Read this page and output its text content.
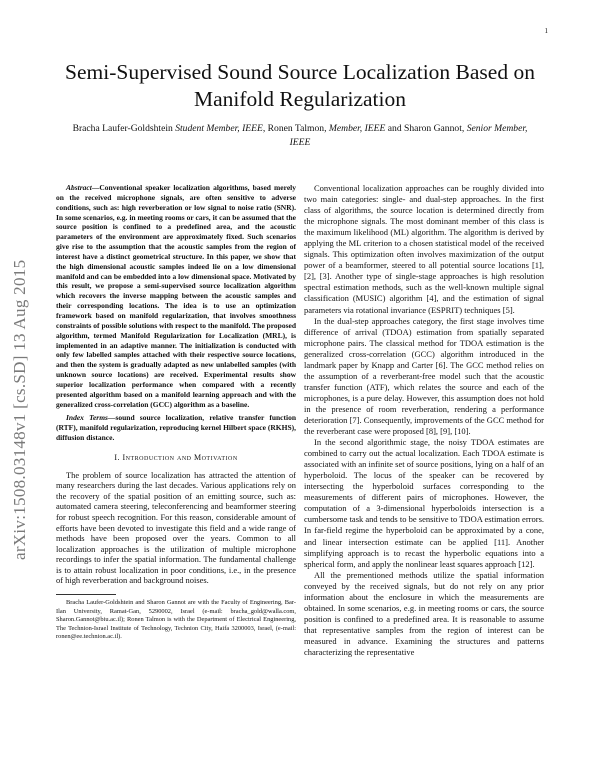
1
arXiv:1508.03148v1 [cs.SD] 13 Aug 2015
Semi-Supervised Sound Source Localization Based on Manifold Regularization
Bracha Laufer-Goldshtein Student Member, IEEE, Ronen Talmon, Member, IEEE and Sharon Gannot, Senior Member, IEEE

Abstract—Conventional speaker localization algorithms, based merely on the received microphone signals, are often sensitive to adverse conditions, such as: high reverberation or low signal to noise ratio (SNR). In some scenarios, e.g. in meeting rooms or cars, it can be assumed that the source position is confined to a predefined area, and the acoustic parameters of the environment are approximately fixed. Such scenarios give rise to the assumption that the acoustic samples from the region of interest have a distinct geometrical structure. In this paper, we show that the high dimensional acoustic samples indeed lie on a low dimensional manifold and can be embedded into a low dimensional space. Motivated by this result, we propose a semi-supervised source localization algorithm which recovers the inverse mapping between the acoustic samples and their corresponding locations. The idea is to use an optimization framework based on manifold regularization, that involves smoothness constraints of possible solutions with respect to the manifold. The proposed algorithm, termed Manifold Regularization for Localization (MRL), is implemented in an adaptive manner. The initialization is conducted with only few labelled samples attached with their respective source locations, and then the system is gradually adapted as new unlabelled samples (with unknown source locations) are received. Experimental results show superior localization performance when compared with a recently presented algorithm based on a manifold learning approach and with the generalized cross-correlation (GCC) algorithm as a baseline.

Index Terms—sound source localization, relative transfer function (RTF), manifold regularization, reproducing kernel Hilbert space (RKHS), diffusion distance.

I. Introduction and Motivation

The problem of source localization has attracted the attention of many researchers during the last decades. Various applications rely on the recovery of the spatial position of an emitting source, such as: automated camera steering, teleconferencing and beamformer steering for robust speech recognition. For this reason, considerable amount of efforts have been devoted to investigate this field and a wide range of methods have been proposed over the years. Common to all localization approaches is the utilization of multiple microphone recordings to infer the spatial information. The fundamental challenge is to attain robust localization in poor conditions, i.e., in the presence of high reverberation and background noises.

Bracha Laufer-Goldshtein and Sharon Gannot are with the Faculty of Engineering, Bar-Ilan University, Ramat-Gan, 5290002, Israel (e-mail: bracha_gold@walla.com, Sharon.Gannot@biu.ac.il); Ronen Talmon is with the Department of Electrical Engineering, The Technion-Israel Institute of Technology, Technion City, Haifa 3200003, Israel, (e-mail: ronen@ee.technion.ac.il).

Conventional localization approaches can be roughly divided into two main categories: single- and dual-step approaches. In the first class of algorithms, the source location is determined directly from the microphone signals. The most dominant member of this class is the maximum likelihood (ML) algorithm. The algorithm is derived by applying the ML criterion to a chosen statistical model of the received signals. This optimization often involves maximization of the output power of a beamformer, steered to all potential source locations [1], [2], [3]. Another type of single-stage approaches is high resolution spectral estimation methods, such as the well-known multiple signal classification (MUSIC) algorithm [4], and the estimation of signal parameters via rotational invariance (ESPRIT) techniques [5].

In the dual-step approaches category, the first stage involves time difference of arrival (TDOA) estimation from spatially separated microphone pairs. The classical method for TDOA estimation is the generalized cross-correlation (GCC) algorithm introduced in the landmark paper by Knapp and Carter [6]. The GCC method relies on the assumption of a reverberant-free model such that the acoustic transfer function (ATF), which relates the source and each of the microphones, is a pure delay. However, this assumption does not hold in the presence of room reverberation, rendering a performance deterioration [7]. Consequently, improvements of the GCC method for the reverberant case were proposed [8], [9], [10].

In the second algorithmic stage, the noisy TDOA estimates are combined to carry out the actual localization. Each TDOA estimate is associated with an infinite set of source positions, lying on a half of an hyperboloid. The locus of the speaker can be recovered by intersecting the hyperboloid surfaces corresponding to the measurements of different pairs of microphones. However, the computation of a 3-dimensional hyperboloids intersection is a cumbersome task and tends to be sensitive to TDOA estimation errors. In far-field regime the hyperboloid can be approximated by a cone, and linear intersection estimate can be applied [11]. Another simplifying approach is to recast the hyperbolic equations into a spherical form, and apply the nonlinear least squares approach [12].

All the prementioned methods utilize the spatial information conveyed by the received signals, but do not rely on any prior information about the enclosure in which the measurements are obtained. In some scenarios, e.g. in meeting rooms or cars, the source position is confined to a predefined area. It is reasonable to assume that representative samples from the region of interest can be measured in advance. Examining the structures and patterns characterizing the representative
